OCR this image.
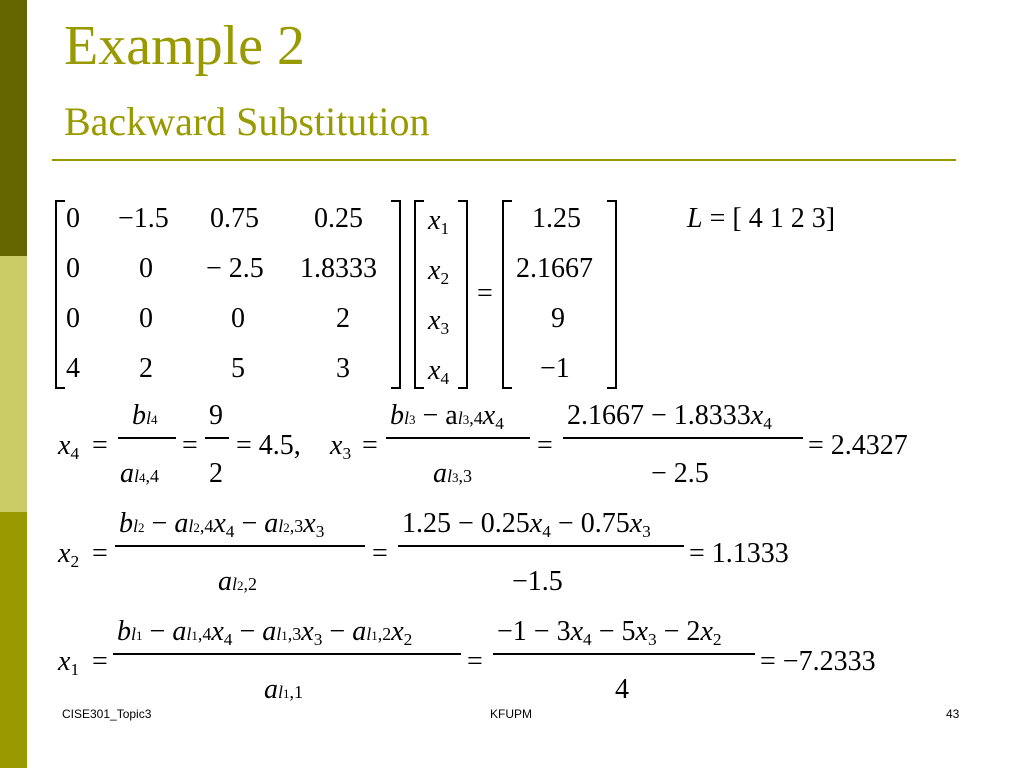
Example 2
Backward Substitution
0 −1.5 0.75 0.25
0 0 − 2.5 1.8333
0 0	0	2
4 2	5	3
$x_1$
$x_2$
$x_3$
$x_4$
=
1.25
2.1667
9
−1
L = [ 4 1 2 3]
$x_4$ =
bl4
al4,4
=
9
2
= 4.5, $x_3$ =
$bl3 - al3,4x_4$
al3,3
=
$2.1667 - 1.8333x_4$
− 2.5
= 2.4327
$x_2$ =
$bl2 - al2,4x_4 - al2,3x_3$
al2,2
=
$1.25 - 0.25x_4 - 0.75x_3$
−1.5
= 1.1333
$x_1$ =
$bl1 - al1,4x_4 - al1,3x_3 - al1,2x_2$
al1,1
=
$-1 - 3x_4 - 5x_3 - 2x_2$
4
= −7.2333
CISE301_Topic3	KFUPM	43
